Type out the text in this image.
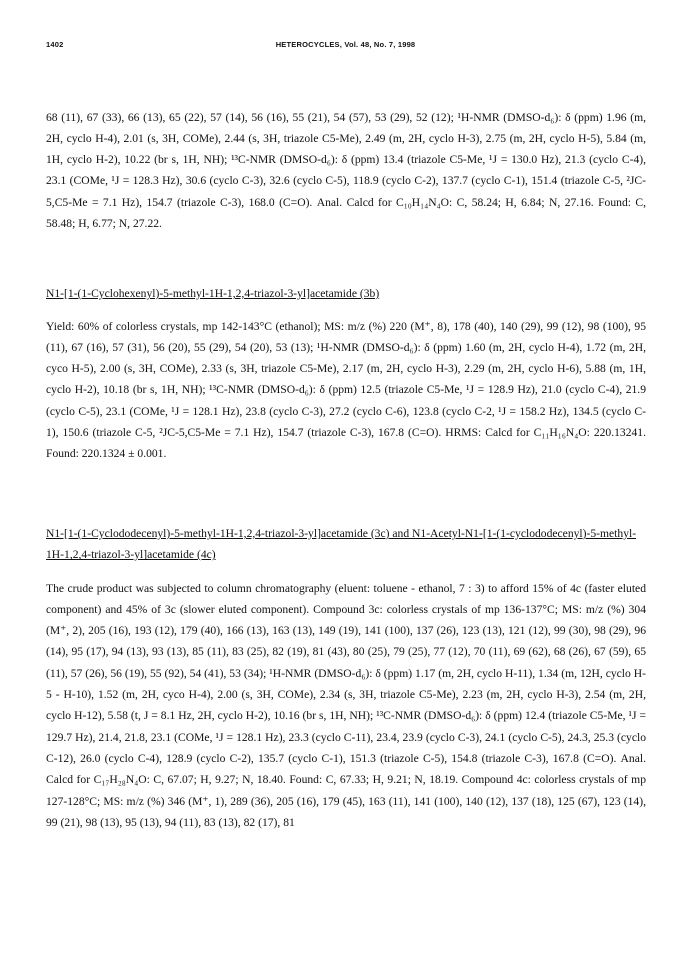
1402	HETEROCYCLES, Vol. 48, No. 7, 1998

68 (11), 67 (33), 66 (13), 65 (22), 57 (14), 56 (16), 55 (21), 54 (57), 53 (29), 52 (12); ¹H-NMR (DMSO-d₆): δ (ppm) 1.96 (m, 2H, cyclo H-4), 2.01 (s, 3H, COMe), 2.44 (s, 3H, triazole C5-Me), 2.49 (m, 2H, cyclo H-3), 2.75 (m, 2H, cyclo H-5), 5.84 (m, 1H, cyclo H-2), 10.22 (br s, 1H, NH); ¹³C-NMR (DMSO-d₆): δ (ppm) 13.4 (triazole C5-Me, ¹J = 130.0 Hz), 21.3 (cyclo C-4), 23.1 (COMe, ¹J = 128.3 Hz), 30.6 (cyclo C-3), 32.6 (cyclo C-5), 118.9 (cyclo C-2), 137.7 (cyclo C-1), 151.4 (triazole C-5, ²JC-5,C5-Me = 7.1 Hz), 154.7 (triazole C-3), 168.0 (C=O). Anal. Calcd for C₁₀H₁₄N₄O: C, 58.24; H, 6.84; N, 27.16. Found: C, 58.48; H, 6.77; N, 27.22.

N1-[1-(1-Cyclohexenyl)-5-methyl-1H-1,2,4-triazol-3-yl]acetamide (3b)

Yield: 60% of colorless crystals, mp 142-143°C (ethanol); MS: m/z (%) 220 (M⁺, 8), 178 (40), 140 (29), 99 (12), 98 (100), 95 (11), 67 (16), 57 (31), 56 (20), 55 (29), 54 (20), 53 (13); ¹H-NMR (DMSO-d₆): δ (ppm) 1.60 (m, 2H, cyclo H-4), 1.72 (m, 2H, cyco H-5), 2.00 (s, 3H, COMe), 2.33 (s, 3H, triazole C5-Me), 2.17 (m, 2H, cyclo H-3), 2.29 (m, 2H, cyclo H-6), 5.88 (m, 1H, cyclo H-2), 10.18 (br s, 1H, NH); ¹³C-NMR (DMSO-d₆): δ (ppm) 12.5 (triazole C5-Me, ¹J = 128.9 Hz), 21.0 (cyclo C-4), 21.9 (cyclo C-5), 23.1 (COMe, ¹J = 128.1 Hz), 23.8 (cyclo C-3), 27.2 (cyclo C-6), 123.8 (cyclo C-2, ¹J = 158.2 Hz), 134.5 (cyclo C-1), 150.6 (triazole C-5, ²JC-5,C5-Me = 7.1 Hz), 154.7 (triazole C-3), 167.8 (C=O). HRMS: Calcd for C₁₁H₁₆N₄O: 220.13241. Found: 220.1324 ± 0.001.

N1-[1-(1-Cyclododecenyl)-5-methyl-1H-1,2,4-triazol-3-yl]acetamide (3c) and N1-Acetyl-N1-[1-(1-cyclododecenyl)-5-methyl-1H-1,2,4-triazol-3-yl]acetamide (4c)

The crude product was subjected to column chromatography (eluent: toluene - ethanol, 7 : 3) to afford 15% of 4c (faster eluted component) and 45% of 3c (slower eluted component). Compound 3c: colorless crystals of mp 136-137°C; MS: m/z (%) 304 (M⁺, 2), 205 (16), 193 (12), 179 (40), 166 (13), 163 (13), 149 (19), 141 (100), 137 (26), 123 (13), 121 (12), 99 (30), 98 (29), 96 (14), 95 (17), 94 (13), 93 (13), 85 (11), 83 (25), 82 (19), 81 (43), 80 (25), 79 (25), 77 (12), 70 (11), 69 (62), 68 (26), 67 (59), 65 (11), 57 (26), 56 (19), 55 (92), 54 (41), 53 (34); ¹H-NMR (DMSO-d₆): δ (ppm) 1.17 (m, 2H, cyclo H-11), 1.34 (m, 12H, cyclo H-5 - H-10), 1.52 (m, 2H, cyco H-4), 2.00 (s, 3H, COMe), 2.34 (s, 3H, triazole C5-Me), 2.23 (m, 2H, cyclo H-3), 2.54 (m, 2H, cyclo H-12), 5.58 (t, J = 8.1 Hz, 2H, cyclo H-2), 10.16 (br s, 1H, NH); ¹³C-NMR (DMSO-d₆): δ (ppm) 12.4 (triazole C5-Me, ¹J = 129.7 Hz), 21.4, 21.8, 23.1 (COMe, ¹J = 128.1 Hz), 23.3 (cyclo C-11), 23.4, 23.9 (cyclo C-3), 24.1 (cyclo C-5), 24.3, 25.3 (cyclo C-12), 26.0 (cyclo C-4), 128.9 (cyclo C-2), 135.7 (cyclo C-1), 151.3 (triazole C-5), 154.8 (triazole C-3), 167.8 (C=O). Anal. Calcd for C₁₇H₂₈N₄O: C, 67.07; H, 9.27; N, 18.40. Found: C, 67.33; H, 9.21; N, 18.19. Compound 4c: colorless crystals of mp 127-128°C; MS: m/z (%) 346 (M⁺, 1), 289 (36), 205 (16), 179 (45), 163 (11), 141 (100), 140 (12), 137 (18), 125 (67), 123 (14), 99 (21), 98 (13), 95 (13), 94 (11), 83 (13), 82 (17), 81
